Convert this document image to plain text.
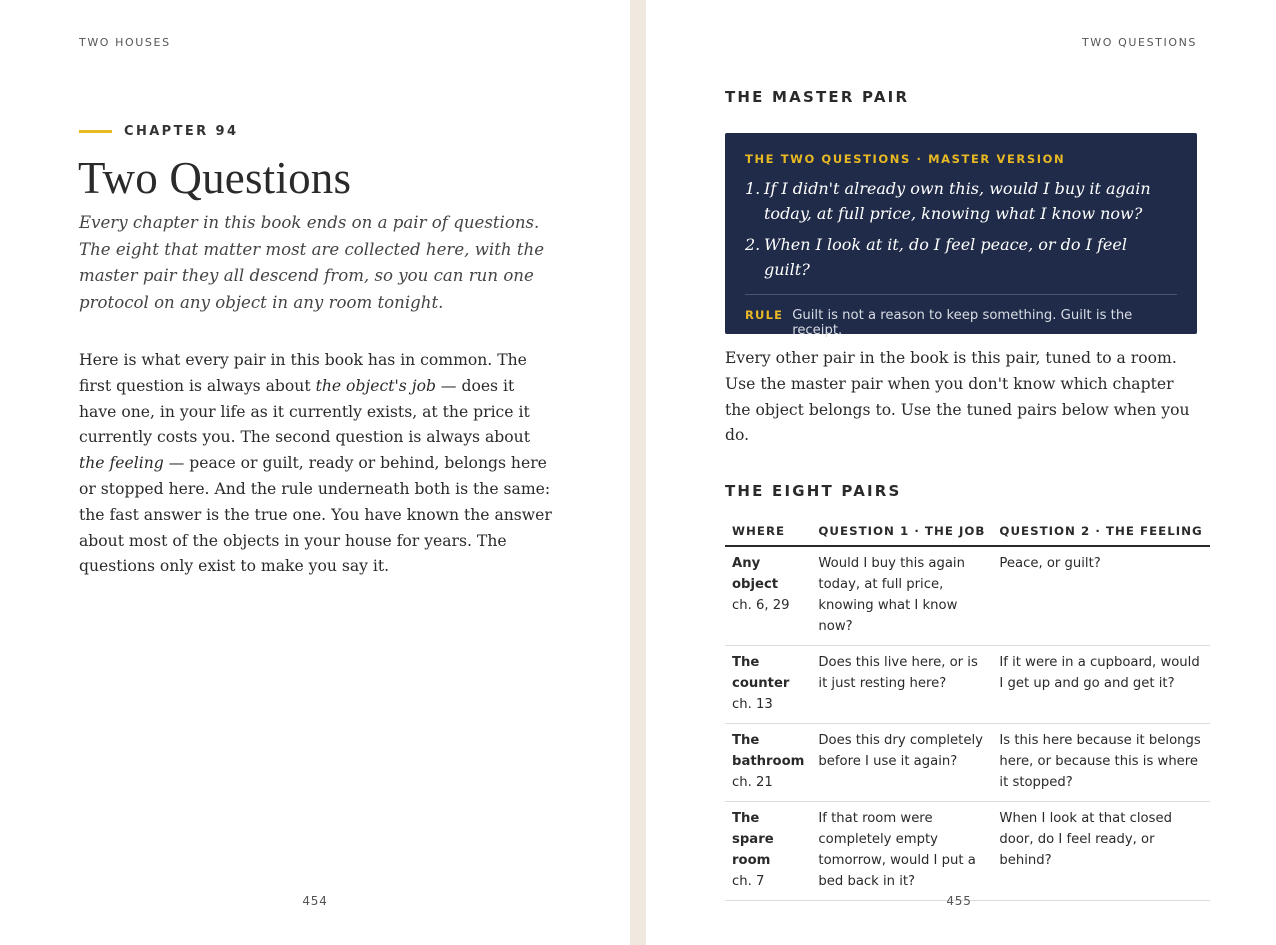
TWO HOUSES
CHAPTER 94
Two Questions

Every chapter in this book ends on a pair of questions. The eight that matter most are collected here, with the master pair they all descend from, so you can run one protocol on any object in any room tonight.

Here is what every pair in this book has in common. The first question is always about the object's job — does it have one, in your life as it currently exists, at the price it currently costs you. The second question is always about the feeling — peace or guilt, ready or behind, belongs here or stopped here. And the rule underneath both is the same: the fast answer is the true one. You have known the answer about most of the objects in your house for years. The questions only exist to make you say it.

454
TWO QUESTIONS
THE MASTER PAIR
THE TWO QUESTIONS · MASTER VERSION
1. If I didn't already own this, would I buy it again today, at full price, knowing what I know now?
2. When I look at it, do I feel peace, or do I feel guilt?
RULE Guilt is not a reason to keep something. Guilt is the receipt.

Every other pair in the book is this pair, tuned to a room. Use the master pair when you don't know which chapter the object belongs to. Use the tuned pairs below when you do.

THE EIGHT PAIRS
WHERE	QUESTION 1 · THE JOB	QUESTION 2 · THE FEELING

Any object
ch. 6, 29	Would I buy this again today, at full price, knowing what I know now?	Peace, or guilt?

The counter
ch. 13	Does this live here, or is it just resting here?	If it were in a cupboard, would I get up and go and get it?

The bathroom
ch. 21	Does this dry completely before I use it again?	Is this here because it belongs here, or because this is where it stopped?

The spare room
ch. 7	If that room were completely empty tomorrow, would I put a bed back in it?	When I look at that closed door, do I feel ready, or behind?
455
